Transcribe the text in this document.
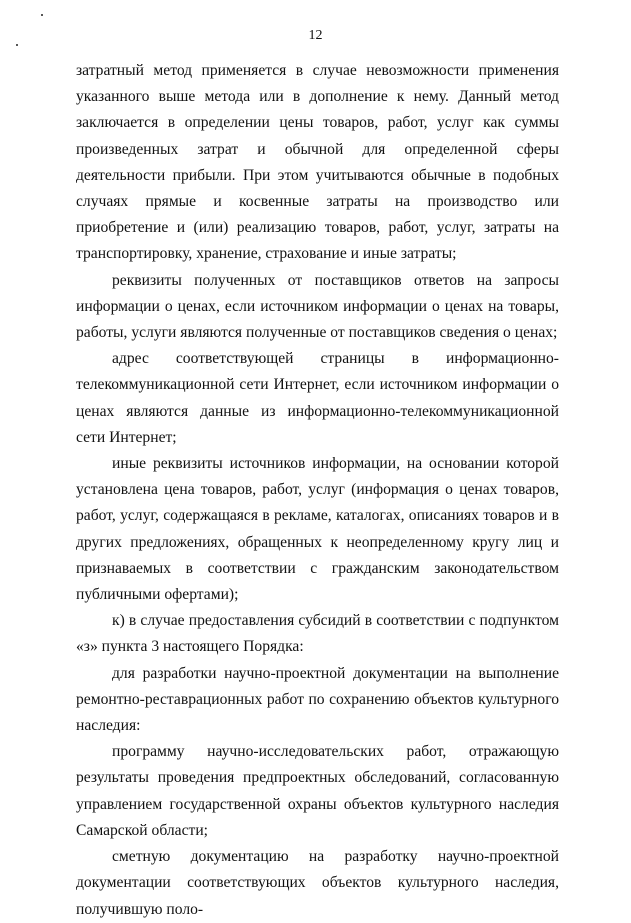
12

затратный метод применяется в случае невозможности применения указанного выше метода или в дополнение к нему. Данный метод заключается в определении цены товаров, работ, услуг как суммы произведенных затрат и обычной для определенной сферы деятельности прибыли. При этом учитываются обычные в подобных случаях прямые и косвенные затраты на производство или приобретение и (или) реализацию товаров, работ, услуг, затраты на транспортировку, хранение, страхование и иные затраты;

реквизиты полученных от поставщиков ответов на запросы информации о ценах, если источником информации о ценах на товары, работы, услуги являются полученные от поставщиков сведения о ценах;

адрес соответствующей страницы в информационно-телекоммуникационной сети Интернет, если источником информации о ценах являются данные из информационно-телекоммуникационной сети Интернет;

иные реквизиты источников информации, на основании которой установлена цена товаров, работ, услуг (информация о ценах товаров, работ, услуг, содержащаяся в рекламе, каталогах, описаниях товаров и в других предложениях, обращенных к неопределенному кругу лиц и признаваемых в соответствии с гражданским законодательством публичными офертами);

к) в случае предоставления субсидий в соответствии с подпунктом «з» пункта 3 настоящего Порядка:

для разработки научно-проектной документации на выполнение ремонтно-реставрационных работ по сохранению объектов культурного наследия:

программу научно-исследовательских работ, отражающую результаты проведения предпроектных обследований, согласованную управлением государственной охраны объектов культурного наследия Самарской области;

сметную документацию на разработку научно-проектной документации соответствующих объектов культурного наследия, получившую поло-
